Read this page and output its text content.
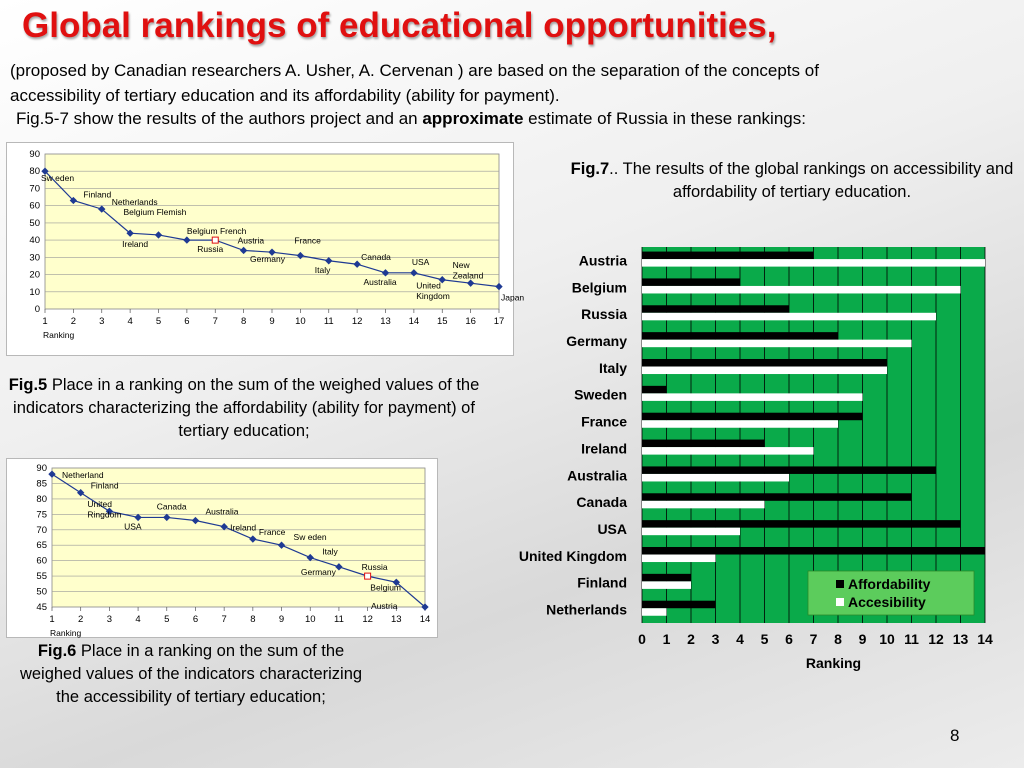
Global rankings of educational opportunities,
(proposed by Canadian researchers A. Usher, A. Cervenan ) are based on the separation of the concepts of
accessibility of tertiary education and its affordability (ability for payment).
Fig.5-7 show the results of the authors project and an approximate estimate of Russia in these rankings:
0
10
20
30
40
50
60
70
80
90
1 2 3 4 5 6 7 8 9 10 11 12 13 14 15 16 17
Ranking
Sw eden
Finland
Netherlands
Ireland
Belgium Flemish
Belgium French
Russia
Austria
Germany
France
Italy
Canada
Australia
USA
United Kingdom
New Zealand
Japan
Fig.5 Place in a ranking on the sum of the weighed values of the indicators characterizing the affordability (ability for payment) of tertiary education;
45
50
55
60
65
70
75
80
85
90
1 2 3 4 5 6 7 8 9 10 11 12 13 14
Ranking
Netherland
Finland
United Ringdom
USA
Canada
Australia
Ireland France
Sw eden
Italy
Germany	Russia
Belgium
Austria
Fig.6 Place in a ranking on the sum of the weighed values of the indicators characterizing the accessibility of tertiary education;
Fig.7.. The results of the global rankings on accessibility and affordability of tertiary education.
0 1 2 3 4 5 6 7 8 9 10 11 12 13 14
Ranking
Austria
Belgium
Russia
Germany
Italy
Sweden
France
Ireland
Australia
Canada
USA
United Kingdom
Finland
Netherlands
Affordability
Accesibility
8
